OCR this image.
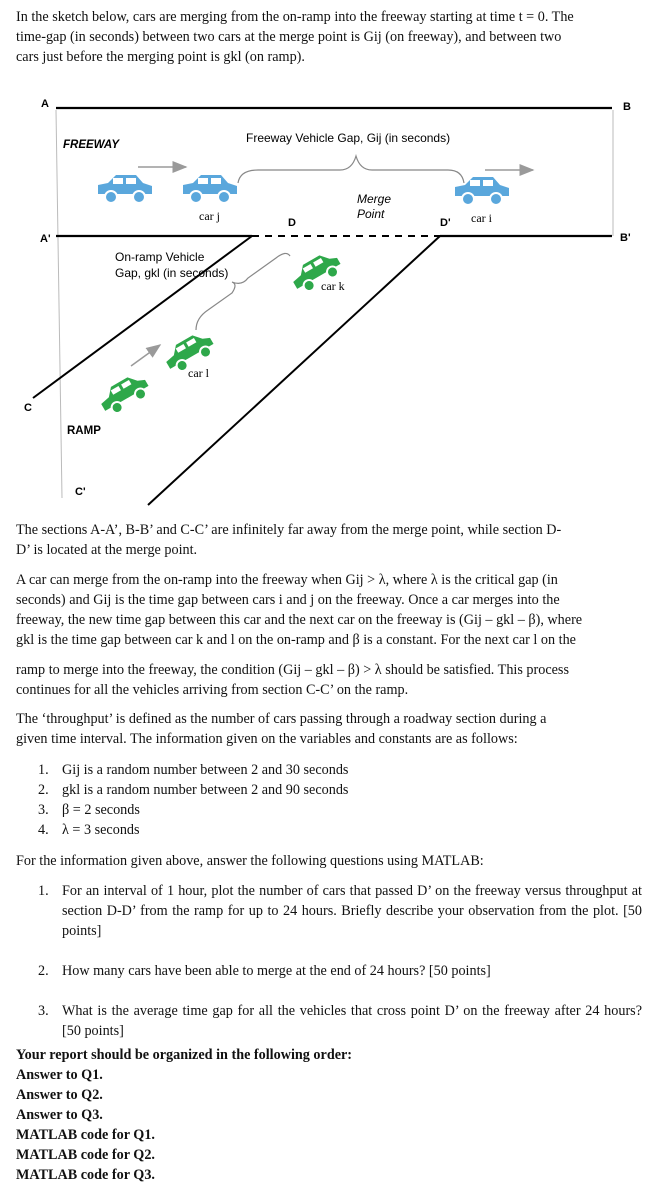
In the sketch below, cars are merging from the on-ramp into the freeway starting at time t = 0. The
time-gap (in seconds) between two cars at the merge point is Gij (on freeway), and between two
cars just before the merging point is gkl (on ramp).
A	B
A'	B'
C
C'
D	D'
FREEWAY
RAMP
Freeway Vehicle Gap, Gij (in seconds)
Merge
Point
On-ramp Vehicle
Gap, gkl (in seconds)
car j	car i
car k
car l
The sections A-A’, B-B’ and C-C’ are infinitely far away from the merge point, while section D-
D’ is located at the merge point.
A car can merge from the on-ramp into the freeway when Gij > λ, where λ is the critical gap (in
seconds) and Gij is the time gap between cars i and j on the freeway. Once a car merges into the
freeway, the new time gap between this car and the next car on the freeway is (Gij – gkl – β), where
gkl is the time gap between car k and l on the on-ramp and β is a constant. For the next car l on the
ramp to merge into the freeway, the condition (Gij – gkl – β) > λ should be satisfied. This process
continues for all the vehicles arriving from section C-C’ on the ramp.
The ‘throughput’ is defined as the number of cars passing through a roadway section during a
given time interval. The information given on the variables and constants are as follows:
1. Gij is a random number between 2 and 30 seconds
2. gkl is a random number between 2 and 90 seconds
3. β = 2 seconds
4. λ = 3 seconds
For the information given above, answer the following questions using MATLAB:
1. For an interval of 1 hour, plot the number of cars that passed D’ on the freeway versus throughput at section D-D’ from the ramp for up to 24 hours. Briefly describe your observation from the plot. [50 points]
2. How many cars have been able to merge at the end of 24 hours? [50 points]
3. What is the average time gap for all the vehicles that cross point D’ on the freeway after 24 hours? [50 points]
Your report should be organized in the following order:
Answer to Q1.
Answer to Q2.
Answer to Q3.
MATLAB code for Q1.
MATLAB code for Q2.
MATLAB code for Q3.
